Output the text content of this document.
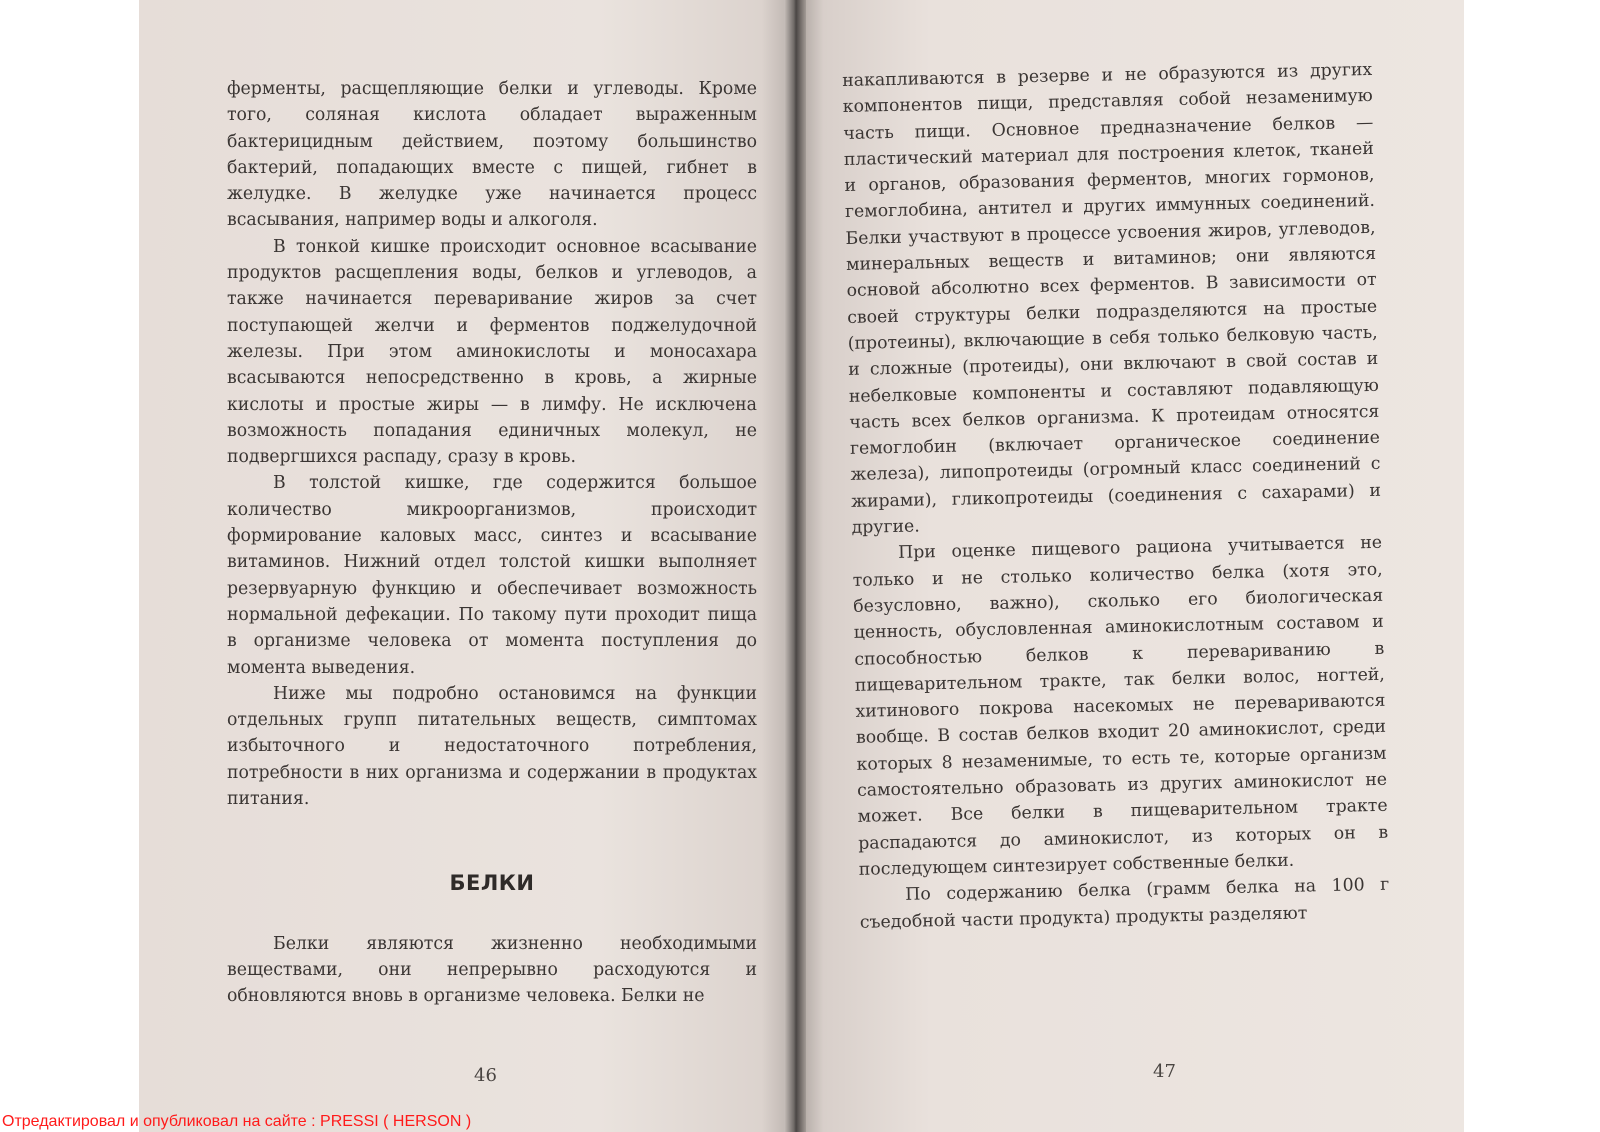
ферменты, расщепляющие белки и углеводы. Кроме того, соляная кислота обладает выраженным бактерицидным действием, поэтому большинство бактерий, попадающих вместе с пищей, гибнет в желудке. В желудке уже начинается процесс всасывания, например воды и алкоголя.

В тонкой кишке происходит основное всасывание продуктов расщепления воды, белков и углеводов, а также начинается переваривание жиров за счет поступающей желчи и ферментов поджелудочной железы. При этом аминокислоты и моносахара всасываются непосредственно в кровь, а жирные кислоты и простые жиры — в лимфу. Не исключена возможность попадания единичных молекул, не подвергшихся распаду, сразу в кровь.

В толстой кишке, где содержится большое количество микроорганизмов, происходит формирование каловых масс, синтез и всасывание витаминов. Нижний отдел толстой кишки выполняет резервуарную функцию и обеспечивает возможность нормальной дефекации. По такому пути проходит пища в организме человека от момента поступления до момента выведения.

Ниже мы подробно остановимся на функции отдельных групп питательных веществ, симптомах избыточного и недостаточного потребления, потребности в них организма и содержании в продуктах питания.

БЕЛКИ

Белки являются жизненно необходимыми веществами, они непрерывно расходуются и обновляются вновь в организме человека. Белки не

46

накапливаются в резерве и не образуются из других компонентов пищи, представляя собой незаменимую часть пищи. Основное предназначение белков — пластический материал для построения клеток, тканей и органов, образования ферментов, многих гормонов, гемоглобина, антител и других иммунных соединений. Белки участвуют в процессе усвоения жиров, углеводов, минеральных веществ и витаминов; они являются основой абсолютно всех ферментов. В зависимости от своей структуры белки подразделяются на простые (протеины), включающие в себя только белковую часть, и сложные (протеиды), они включают в свой состав и небелковые компоненты и составляют подавляющую часть всех белков организма. К протеидам относятся гемоглобин (включает органическое соединение железа), липопротеиды (огромный класс соединений с жирами), гликопротеиды (соединения с сахарами) и другие.

При оценке пищевого рациона учитывается не только и не столько количество белка (хотя это, безусловно, важно), сколько его биологическая ценность, обусловленная аминокислотным составом и способностью белков к перевариванию в пищеварительном тракте, так белки волос, ногтей, хитинового покрова насекомых не перевариваются вообще. В состав белков входит 20 аминокислот, среди которых 8 незаменимые, то есть те, которые организм самостоятельно образовать из других аминокислот не может. Все белки в пищеварительном тракте распадаются до аминокислот, из которых он в последующем синтезирует собственные белки.

По содержанию белка (грамм белка на 100 г съедобной части продукта) продукты разделяют

47
Отредактировал и опубликовал на сайте : PRESSI ( HERSON )
